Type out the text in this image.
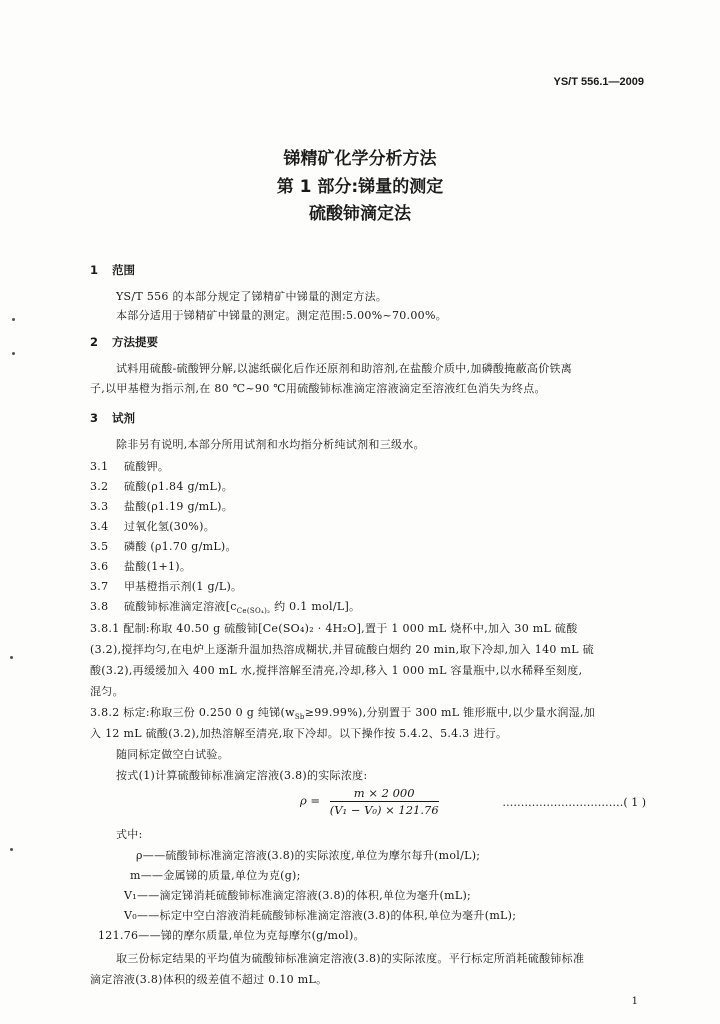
YS/T 556.1—2009
锑精矿化学分析方法
第 1 部分:锑量的测定
硫酸铈滴定法
1 范围
YS/T 556 的本部分规定了锑精矿中锑量的测定方法。
本部分适用于锑精矿中锑量的测定。测定范围:5.00%~70.00%。
2 方法提要
试料用硫酸-硫酸钾分解,以滤纸碳化后作还原剂和助溶剂,在盐酸介质中,加磷酸掩蔽高价铁离
子,以甲基橙为指示剂,在 80 ℃~90 ℃用硫酸铈标准滴定溶液滴定至溶液红色消失为终点。
3 试剂
除非另有说明,本部分所用试剂和水均指分析纯试剂和三级水。
3.1 硫酸钾。
3.2 硫酸(ρ1.84 g/mL)。
3.3 盐酸(ρ1.19 g/mL)。
3.4 过氧化氢(30%)。
3.5 磷酸 (ρ1.70 g/mL)。
3.6 盐酸(1+1)。
3.7 甲基橙指示剂(1 g/L)。
3.8 硫酸铈标准滴定溶液[$c_{Ce(SO_4)_2}$ 约 0.1 mol/L]。
3.8.1 配制:称取 40.50 g 硫酸铈[Ce(SO₄)₂ · 4H₂O],置于 1 000 mL 烧杯中,加入 30 mL 硫酸
(3.2),搅拌均匀,在电炉上逐渐升温加热溶成糊状,并冒硫酸白烟约 20 min,取下冷却,加入 140 mL 硫
酸(3.2),再缓缓加入 400 mL 水,搅拌溶解至清亮,冷却,移入 1 000 mL 容量瓶中,以水稀释至刻度,
混匀。
3.8.2 标定:称取三份 0.250 0 g 纯锑$(w_{Sb}\ge 99.99\%)$,分别置于 300 mL 锥形瓶中,以少量水润湿,加
入 12 mL 硫酸(3.2),加热溶解至清亮,取下冷却。以下操作按 5.4.2、5.4.3 进行。
随同标定做空白试验。
按式(1)计算硫酸铈标准滴定溶液(3.8)的实际浓度:
$\rho = \frac{m \times 2 000}{\text{(V₁ − V₀) × 121.76}}$	……………………………( 1 )
式中:
ρ——硫酸铈标准滴定溶液(3.8)的实际浓度,单位为摩尔每升(mol/L);
m——金属锑的质量,单位为克(g);
V₁——滴定锑消耗硫酸铈标准滴定溶液(3.8)的体积,单位为毫升(mL);
V₀——标定中空白溶液消耗硫酸铈标准滴定溶液(3.8)的体积,单位为毫升(mL);
121.76——锑的摩尔质量,单位为克每摩尔(g/mol)。
取三份标定结果的平均值为硫酸铈标准滴定溶液(3.8)的实际浓度。平行标定所消耗硫酸铈标准
滴定溶液(3.8)体积的级差值不超过 0.10 mL。
1
